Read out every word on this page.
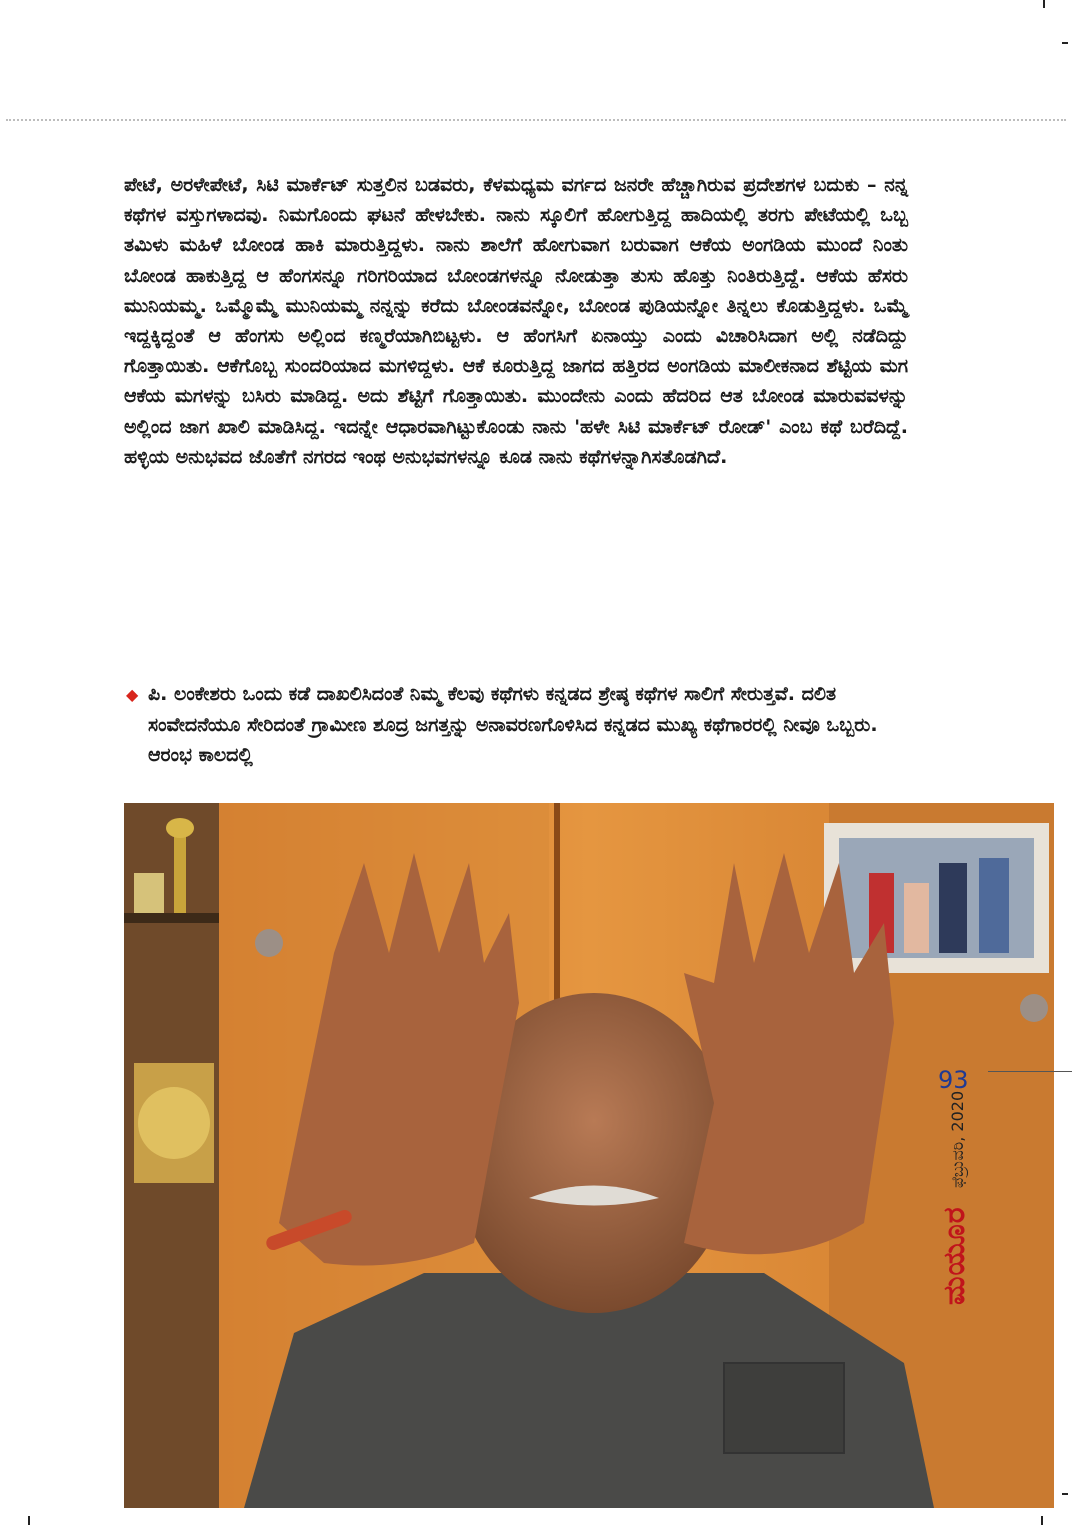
ಪೇಟೆ, ಅರಳೇಪೇಟೆ, ಸಿಟಿ ಮಾರ್ಕೆಟ್ ಸುತ್ತಲಿನ ಬಡವರು, ಕೆಳಮಧ್ಯಮ ವರ್ಗದ ಜನರೇ ಹೆಚ್ಚಾಗಿರುವ ಪ್ರದೇಶಗಳ ಬದುಕು – ನನ್ನ ಕಥೆಗಳ ವಸ್ತುಗಳಾದವು. ನಿಮಗೊಂದು ಘಟನೆ ಹೇಳಬೇಕು. ನಾನು ಸ್ಕೂಲಿಗೆ ಹೋಗುತ್ತಿದ್ದ ಹಾದಿಯಲ್ಲಿ ತರಗು ಪೇಟೆಯಲ್ಲಿ ಒಬ್ಬ ತಮಿಳು ಮಹಿಳೆ ಬೋಂಡ ಹಾಕಿ ಮಾರುತ್ತಿದ್ದಳು. ನಾನು ಶಾಲೆಗೆ ಹೋಗುವಾಗ ಬರುವಾಗ ಆಕೆಯ ಅಂಗಡಿಯ ಮುಂದೆ ನಿಂತು ಬೋಂಡ ಹಾಕುತ್ತಿದ್ದ ಆ ಹೆಂಗಸನ್ನೂ ಗರಿಗರಿಯಾದ ಬೋಂಡಗಳನ್ನೂ ನೋಡುತ್ತಾ ತುಸು ಹೊತ್ತು ನಿಂತಿರುತ್ತಿದ್ದೆ. ಆಕೆಯ ಹೆಸರು ಮುನಿಯಮ್ಮ. ಒಮ್ಮೊಮ್ಮೆ ಮುನಿಯಮ್ಮ ನನ್ನನ್ನು ಕರೆದು ಬೋಂಡವನ್ನೋ, ಬೋಂಡ ಪುಡಿಯನ್ನೋ ತಿನ್ನಲು ಕೊಡುತ್ತಿದ್ದಳು. ಒಮ್ಮೆ ಇದ್ದಕ್ಕಿದ್ದಂತೆ ಆ ಹೆಂಗಸು ಅಲ್ಲಿಂದ ಕಣ್ಮರೆಯಾಗಿಬಿಟ್ಟಳು. ಆ ಹೆಂಗಸಿಗೆ ಏನಾಯ್ತು ಎಂದು ವಿಚಾರಿಸಿದಾಗ ಅಲ್ಲಿ ನಡೆದಿದ್ದು ಗೊತ್ತಾಯಿತು. ಆಕೆಗೊಬ್ಬ ಸುಂದರಿಯಾದ ಮಗಳಿದ್ದಳು. ಆಕೆ ಕೂರುತ್ತಿದ್ದ ಜಾಗದ ಹತ್ತಿರದ ಅಂಗಡಿಯ ಮಾಲೀಕನಾದ ಶೆಟ್ಟಿಯ ಮಗ ಆಕೆಯ ಮಗಳನ್ನು ಬಸಿರು ಮಾಡಿದ್ದ. ಅದು ಶೆಟ್ಟಿಗೆ ಗೊತ್ತಾಯಿತು. ಮುಂದೇನು ಎಂದು ಹೆದರಿದ ಆತ ಬೋಂಡ ಮಾರುವವಳನ್ನು ಅಲ್ಲಿಂದ ಜಾಗ ಖಾಲಿ ಮಾಡಿಸಿದ್ದ. ಇದನ್ನೇ ಆಧಾರವಾಗಿಟ್ಟುಕೊಂಡು ನಾನು 'ಹಳೇ ಸಿಟಿ ಮಾರ್ಕೆಟ್ ರೋಡ್' ಎಂಬ ಕಥೆ ಬರೆದಿದ್ದೆ. ಹಳ್ಳಿಯ ಅನುಭವದ ಜೊತೆಗೆ ನಗರದ ಇಂಥ ಅನುಭವಗಳನ್ನೂ ಕೂಡ ನಾನು ಕಥೆಗಳನ್ನಾಗಿಸತೊಡಗಿದೆ.

◆ ಪಿ. ಲಂಕೇಶರು ಒಂದು ಕಡೆ ದಾಖಲಿಸಿದಂತೆ ನಿಮ್ಮ ಕೆಲವು ಕಥೆಗಳು ಕನ್ನಡದ ಶ್ರೇಷ್ಠ ಕಥೆಗಳ ಸಾಲಿಗೆ ಸೇರುತ್ತವೆ. ದಲಿತ ಸಂವೇದನೆಯೂ ಸೇರಿದಂತೆ ಗ್ರಾಮೀಣ ಶೂದ್ರ ಜಗತ್ತನ್ನು ಅನಾವರಣಗೊಳಿಸಿದ ಕನ್ನಡದ ಮುಖ್ಯ ಕಥೆಗಾರರಲ್ಲಿ ನೀವೂ ಒಬ್ಬರು. ಆರಂಭ ಕಾಲದಲ್ಲಿ

ಫೆಬ್ರುವರಿ, 2020
ಮಯೂರ
93
